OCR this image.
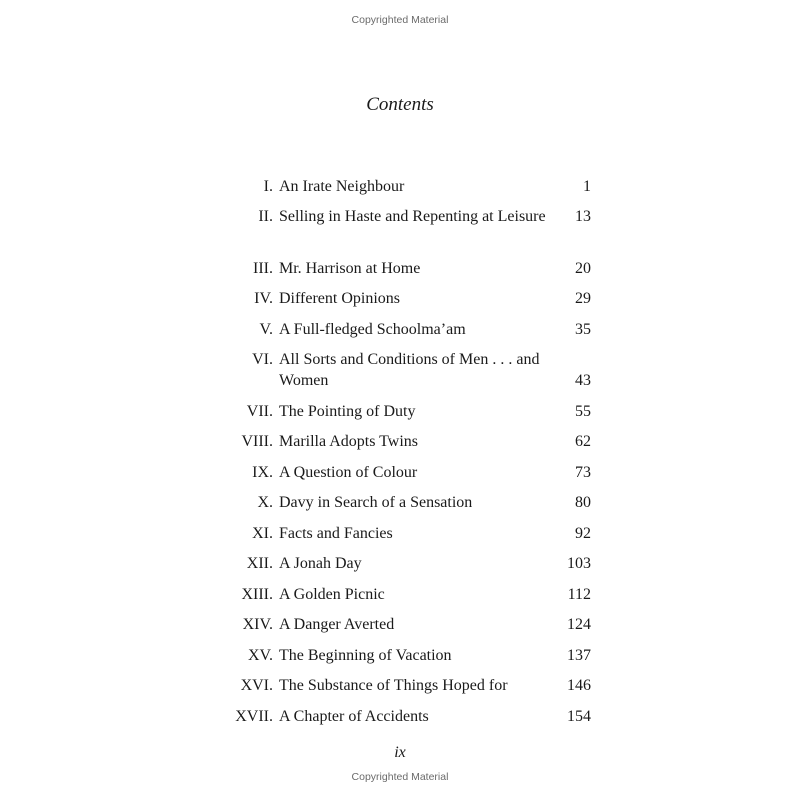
Copyrighted Material
Contents
I. An Irate Neighbour	1
II. Selling in Haste and Repenting at Leisure 13
III. Mr. Harrison at Home	20
IV. Different Opinions	29
V. A Full-fledged Schoolma’am	35
VI. All Sorts and Conditions of Men . . . and Women	43
VII. The Pointing of Duty	55
VIII. Marilla Adopts Twins	62
IX. A Question of Colour	73
X. Davy in Search of a Sensation	80
XI. Facts and Fancies	92
XII. A Jonah Day	103
XIII. A Golden Picnic	112
XIV. A Danger Averted	124
XV. The Beginning of Vacation	137
XVI. The Substance of Things Hoped for	146
XVII. A Chapter of Accidents	154
ix
Copyrighted Material
